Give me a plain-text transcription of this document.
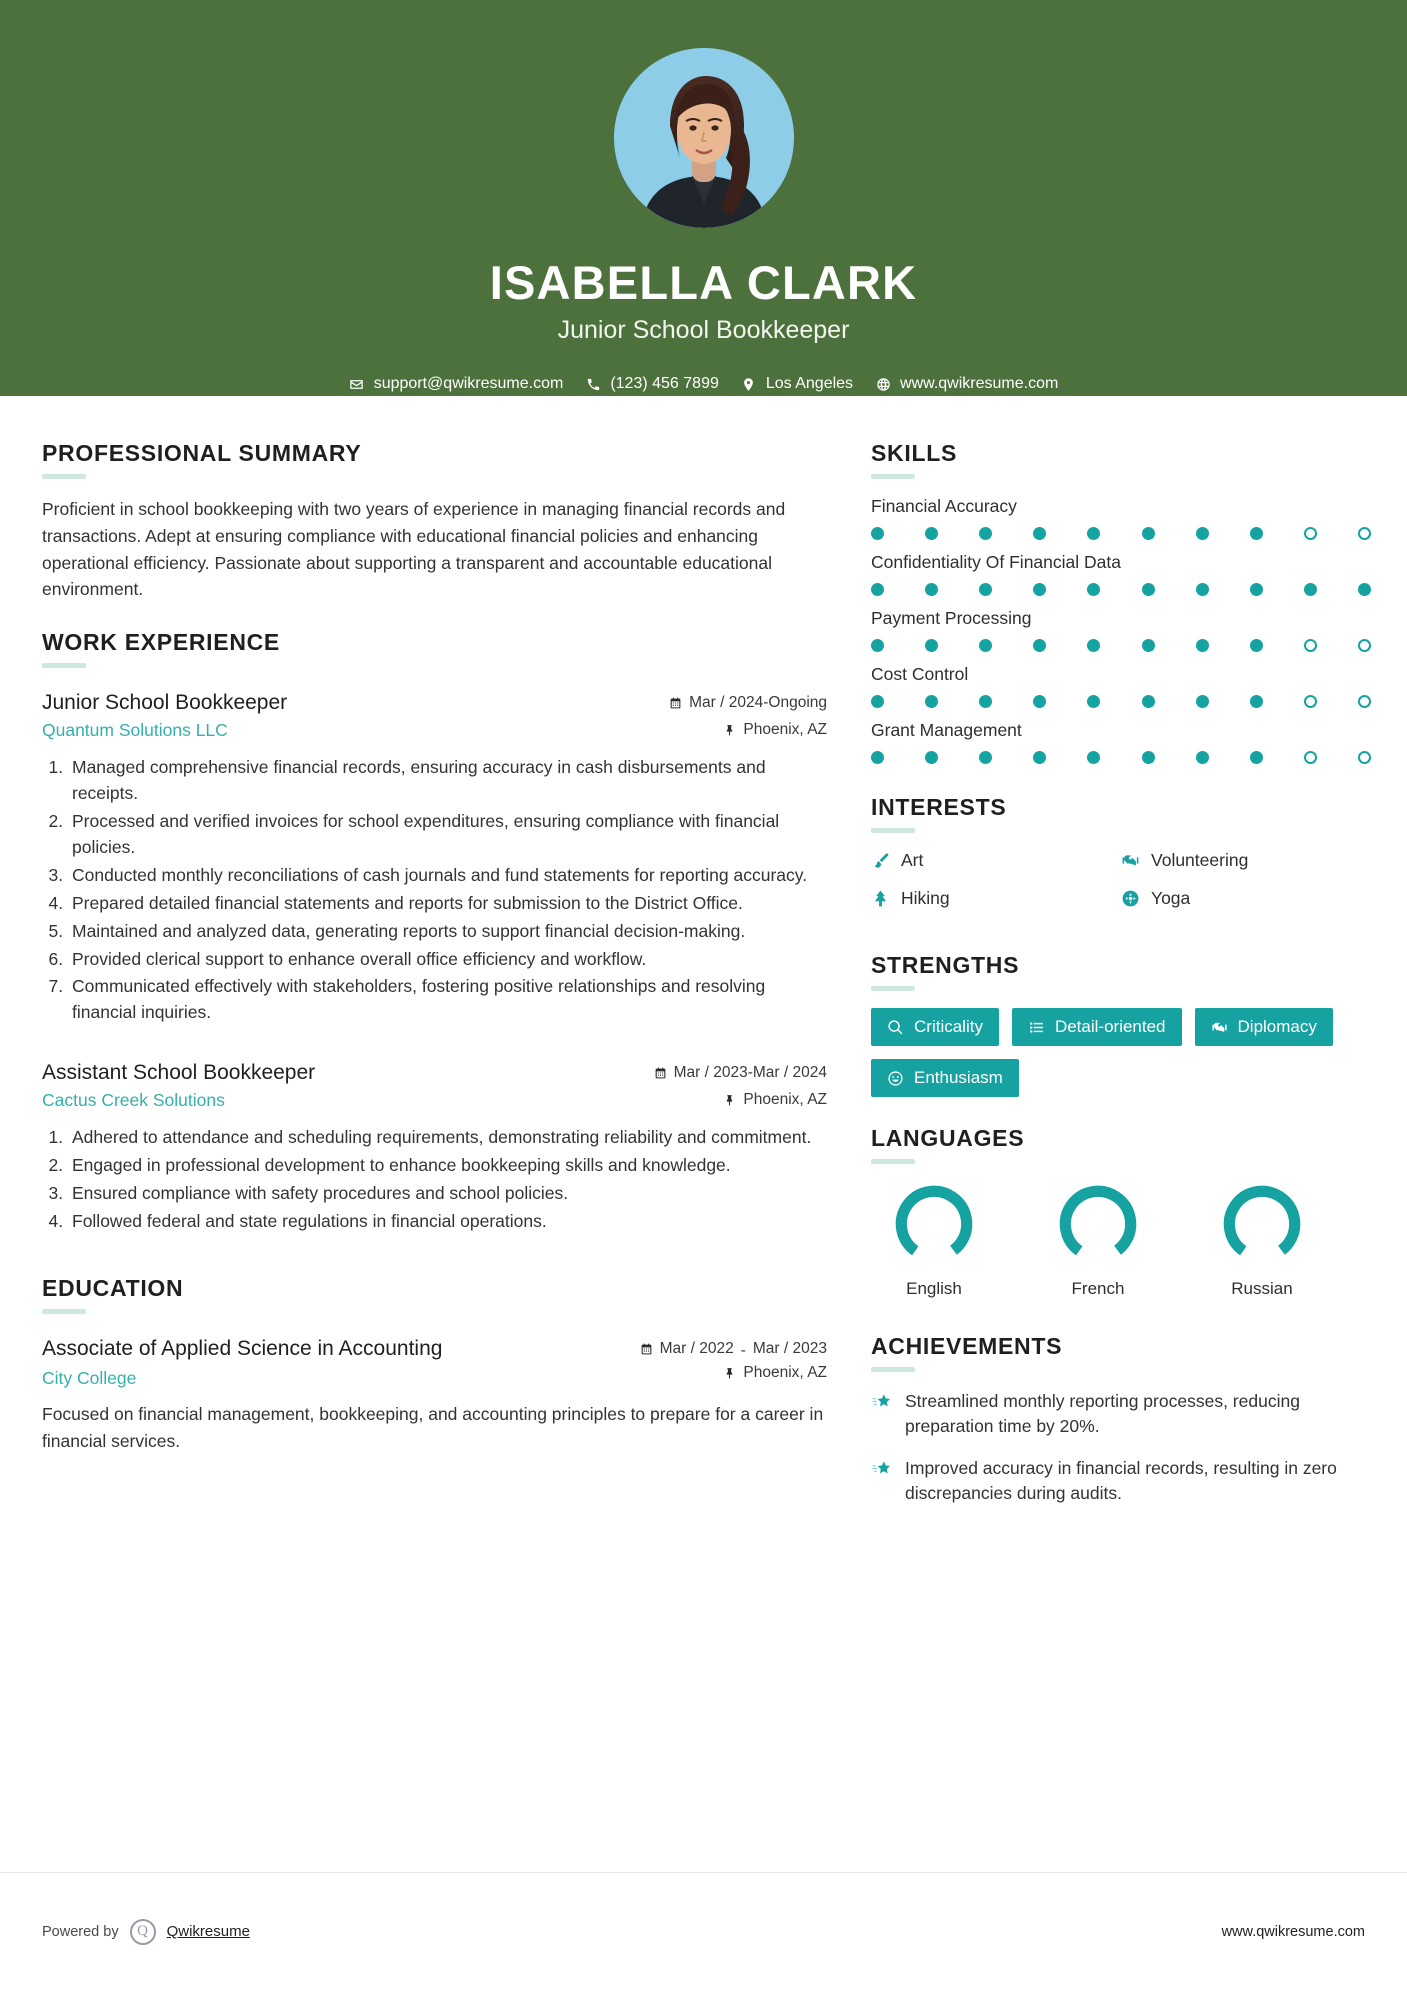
ISABELLA CLARK
Junior School Bookkeeper
support@qwikresume.com	(123) 456 7899	Los Angeles	www.qwikresume.com
PROFESSIONAL SUMMARY
Proficient in school bookkeeping with two years of experience in managing financial records and transactions. Adept at ensuring compliance with educational financial policies and enhancing operational efficiency. Passionate about supporting a transparent and accountable educational environment.
WORK EXPERIENCE
Junior School Bookkeeper
Quantum Solutions LLC
Mar / 2024-Ongoing
Phoenix, AZ
1. Managed comprehensive financial records, ensuring accuracy in cash disbursements and receipts.
2. Processed and verified invoices for school expenditures, ensuring compliance with financial policies.
3. Conducted monthly reconciliations of cash journals and fund statements for reporting accuracy.
4. Prepared detailed financial statements and reports for submission to the District Office.
5. Maintained and analyzed data, generating reports to support financial decision-making.
6. Provided clerical support to enhance overall office efficiency and workflow.
7. Communicated effectively with stakeholders, fostering positive relationships and resolving financial inquiries.
Assistant School Bookkeeper
Cactus Creek Solutions
Mar / 2023-Mar / 2024
Phoenix, AZ
1. Adhered to attendance and scheduling requirements, demonstrating reliability and commitment.
2. Engaged in professional development to enhance bookkeeping skills and knowledge.
3. Ensured compliance with safety procedures and school policies.
4. Followed federal and state regulations in financial operations.
EDUCATION
Associate of Applied Science in Accounting	Mar / 2022 - Mar / 2023
City College	Phoenix, AZ
Focused on financial management, bookkeeping, and accounting principles to prepare for a career in financial services.
SKILLS
Financial Accuracy
Confidentiality Of Financial Data
Payment Processing
Cost Control
Grant Management
INTERESTS
Art	Volunteering
Hiking	Yoga
STRENGTHS
Criticality	Detail-oriented	Diplomacy
Enthusiasm
LANGUAGES
English	French	Russian
ACHIEVEMENTS
Streamlined monthly reporting processes, reducing preparation time by 20%.
Improved accuracy in financial records, resulting in zero discrepancies during audits.
Powered by	Q	Qwikresume	www.qwikresume.com
